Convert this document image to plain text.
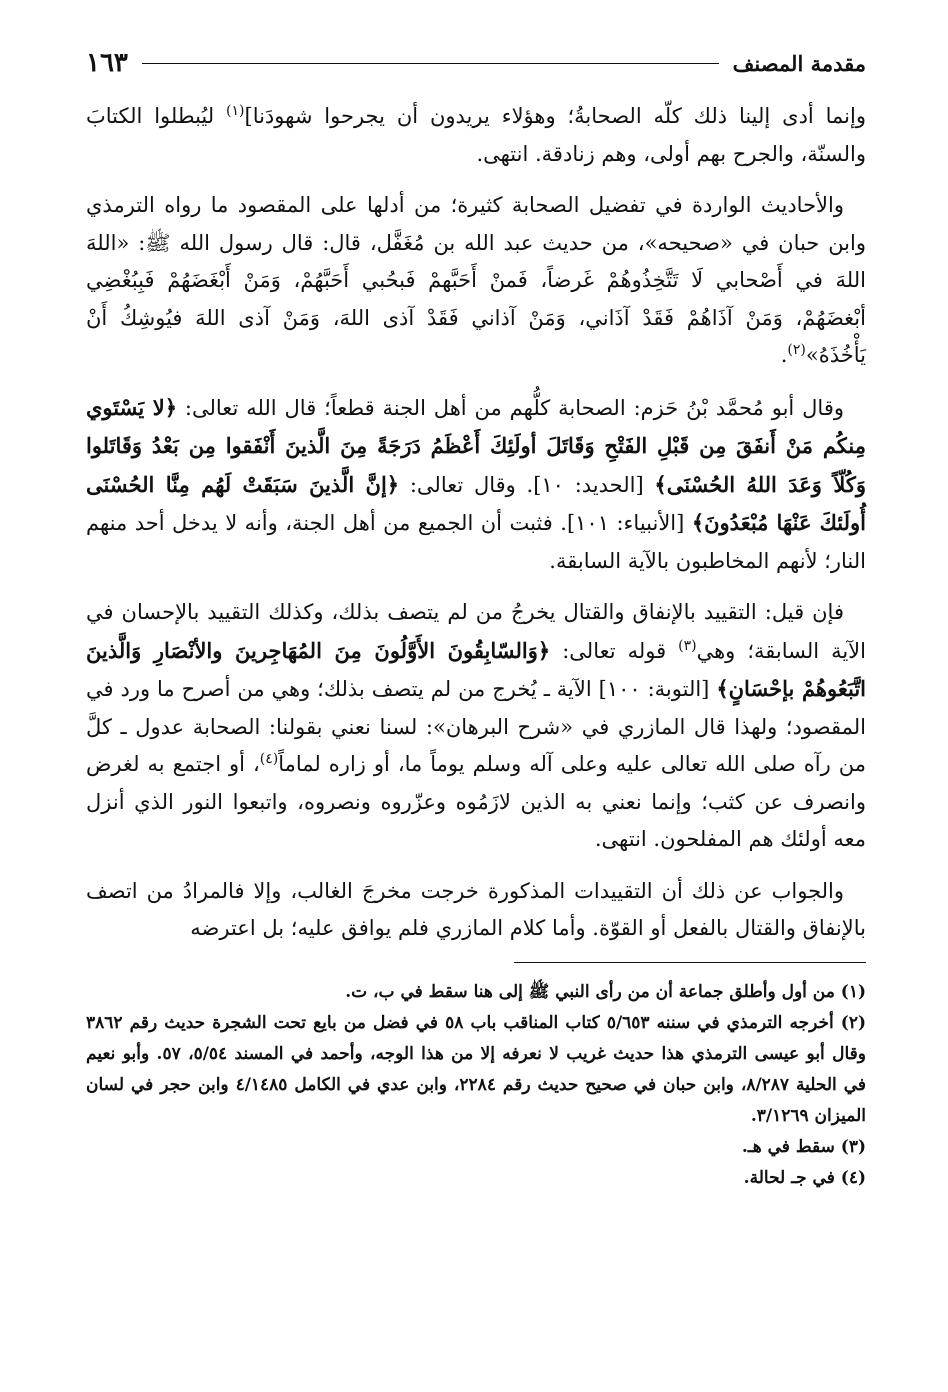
مقدمة المصنف
١٦٣

وإنما أدى إلينا ذلك كلّه الصحابةُ؛ وهؤلاء يريدون أن يجرحوا شهودَنا]$^{(١)}$ ليُبطلوا الكتابَ والسنّة، والجرح بهم أولى، وهم زنادقة. انتهى.

والأحاديث الواردة في تفضيل الصحابة كثيرة؛ من أدلها على المقصود ما رواه الترمذي وابن حبان في «صحيحه»، من حديث عبد الله بن مُغَفَّل، قال: قال رسول الله ﷺ: «اللهَ اللهَ في أَصْحابي لَا تَتَّخِذُوهُمْ غَرضاً، فَمنْ أَحَبَّهمْ فَبحُبي أَحَبَّهُمْ، وَمَنْ أَبْغَضَهُمْ فَبِبُغْضِي أبْغضَهُمْ، وَمَنْ آذَاهُمْ فَقَدْ آذَاني، وَمَنْ آذاني فَقَدْ آذى اللهَ، وَمَنْ آذى اللهَ فيُوشِكُ أَنْ يَأْخُذَهُ»$^{(٢)}$.

وقال أبو مُحمَّد بْنُ حَزم: الصحابة كلُّهم من أهل الجنة قطعاً؛ قال الله تعالى: ﴿لا يَسْتَوي مِنكُم مَنْ أَنفَقَ مِن قَبْلِ الفَتْحِ وَقَاتَلَ أولَئِكَ أَعْظَمُ دَرَجَةً مِنَ الَّذينَ أَنْفَقوا مِن بَعْدُ وَقَاتَلوا وَكُلّاً وَعَدَ اللهُ الحُسْنَى﴾ [الحديد: ١٠]. وقال تعالى: ﴿إنَّ الَّذينَ سَبَقَتْ لَهُم مِنَّا الحُسْنَى أُولَئكَ عَنْهَا مُبْعَدُونَ﴾ [الأنبياء: ١٠١]. فثبت أن الجميع من أهل الجنة، وأنه لا يدخل أحد منهم النار؛ لأنهم المخاطبون بالآية السابقة.

فإن قيل: التقييد بالإنفاق والقتال يخرجُ من لم يتصف بذلك، وكذلك التقييد بالإحسان في الآية السابقة؛ وهي$^{(٣)}$ قوله تعالى: ﴿وَالسّابِقُونَ الأَوَّلُونَ مِنَ المُهَاجِرينَ والأنْصَارِ وَالَّذينَ اتَّبَعُوهُمْ بإحْسَانٍ﴾ [التوبة: ١٠٠] الآية ـ يُخرج من لم يتصف بذلك؛ وهي من أصرح ما ورد في المقصود؛ ولهذا قال المازري في «شرح البرهان»: لسنا نعني بقولنا: الصحابة عدول ـ كلَّ من رآه صلى الله تعالى عليه وعلى آله وسلم يوماً ما، أو زاره لماماً$^{(٤)}$، أو اجتمع به لغرض وانصرف عن كثب؛ وإنما نعني به الذين لازَمُوه وعزّروه ونصروه، واتبعوا النور الذي أنزل معه أولئك هم المفلحون. انتهى.

والجواب عن ذلك أن التقييدات المذكورة خرجت مخرجَ الغالب، وإلا فالمرادُ من اتصف بالإنفاق والقتال بالفعل أو القوّة. وأما كلام المازري فلم يوافق عليه؛ بل اعترضه

(١) من أول وأطلق جماعة أن من رأى النبي ﷺ إلى هنا سقط في ب، ت.

(٢) أخرجه الترمذي في سننه ٥/٦٥٣ كتاب المناقب باب ٥٨ في فضل من بايع تحت الشجرة حديث رقم ٣٨٦٢ وقال أبو عيسى الترمذي هذا حديث غريب لا نعرفه إلا من هذا الوجه، وأحمد في المسند ٥/٥٤، ٥٧. وأبو نعيم في الحلية ٨/٢٨٧، وابن حبان في صحيح حديث رقم ٢٢٨٤، وابن عدي في الكامل ٤/١٤٨٥ وابن حجر في لسان الميزان ٣/١٢٦٩.

(٣) سقط في هـ.

(٤) في جـ لحالة.
